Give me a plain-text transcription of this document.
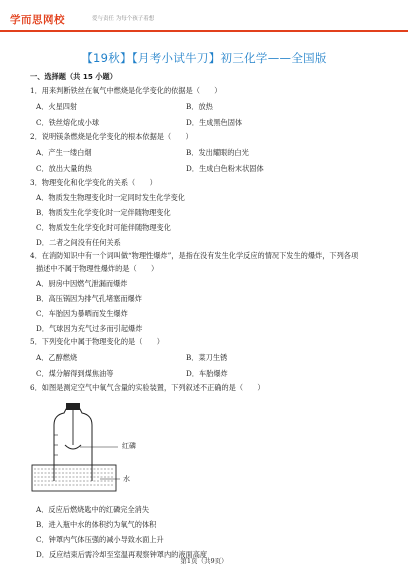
学而思网校	爱与责任 为每个孩子着想
【19秋】【月考小试牛刀】初三化学——全国版
一、选择题（共 15 小题）
1．用来判断铁丝在氧气中燃烧是化学变化的依据是（　　）
A．火星四射	B．放热
C．铁丝熔化成小球	D．生成黑色固体
2．说明镁条燃烧是化学变化的根本依据是（　　）
A．产生一缕白烟	B．发出耀眼的白光
C．放出大量的热	D．生成白色粉末状固体
3．物理变化和化学变化的关系（　　）
A．物质发生物理变化时一定同时发生化学变化
B．物质发生化学变化时一定伴随物理变化
C．物质发生化学变化时可能伴随物理变化
D．二者之间没有任何关系
4．在消防知识中有一个词叫做“物理性爆炸”，是指在没有发生化学反应的情况下发生的爆炸，下列各项
描述中不属于物理性爆炸的是（　　）
A．厨房中因燃气泄漏而爆炸
B．高压锅因为排气孔堵塞而爆炸
C．车胎因为暴晒而发生爆炸
D．气球因为充气过多而引起爆炸
5．下列变化中属于物理变化的是（　　）
A．乙醇燃烧	B．菜刀生锈
C．煤分解得到煤焦油等	D．车胎爆炸
6．如图是测定空气中氧气含量的实验装置，下列叙述不正确的是（　　）
红磷
水
A．反应后燃烧匙中的红磷完全消失
B．进入瓶中水的体积约为氧气的体积
C．钟罩内气体压强的减小导致水面上升
D．反应结束后需冷却至室温再观察钟罩内的液面高度
第1页（共9页）
